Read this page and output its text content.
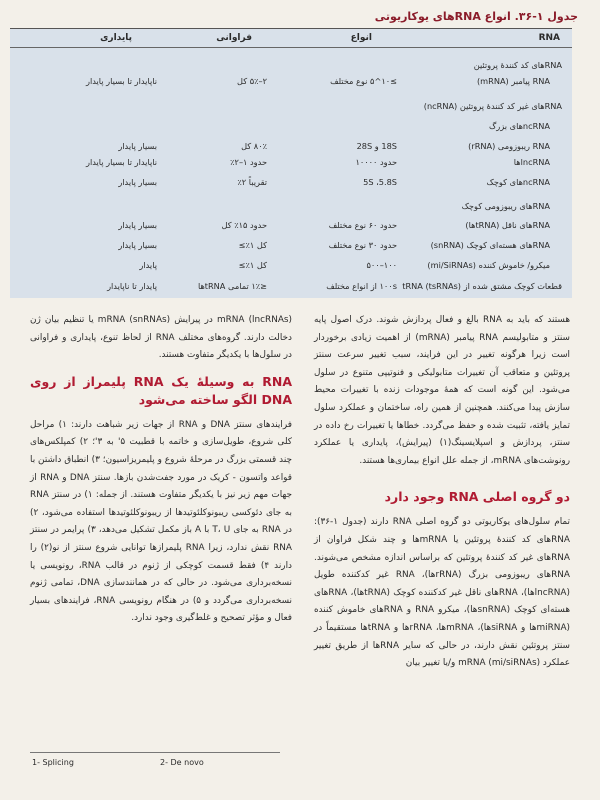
جدول ۱-۳۶. انواع RNAهای یوکاریوتی
RNA
انواع
فراوانی
پایداری
RNAهای کد کنندهٔ پروتئین
RNA پیامبر (mRNA)
≥۱۰^۵ نوع مختلف
۲–۵٪ کل
ناپایدار تا بسیار پایدار
RNAهای غیر کد کنندهٔ پروتئین (ncRNA)
ncRNAهای بزرگ
RNA ریبوزومی (rRNA)
18S و 28S
۸۰٪ کل
بسیار پایدار
lncRNAها
حدود ۱۰۰۰۰
حدود ۱–۲٪
ناپایدار تا بسیار پایدار
ncRNAهای کوچک
5S ،5.8S
تقریباً ۲٪
بسیار پایدار
RNAهای ریبوزومی کوچک
RNAهای ناقل (tRNAها)
حدود ۶۰ نوع مختلف
حدود ۱۵٪ کل
بسیار پایدار
RNAهای هسته‌ای کوچک (snRNA)
حدود ۳۰ نوع مختلف
کل ۱٪≥
بسیار پایدار
میکرو/ خاموش کننده (mi/SiRNAs)
۱۰۰–۵۰۰
کل ۱٪≥
پایدار
قطعات کوچک مشتق شده از tRNA (tsRNAs)
۱۰۰s از انواع مختلف
≤۱٪ تمامی tRNAها
پایدار تا ناپایدار

هستند که باید به RNA بالغ و فعال پردازش شوند. درک اصول پایه سنتز و متابولیسم RNA پیامبر (mRNA) از اهمیت زیادی برخوردار است زیرا هرگونه تغییر در این فرایند، سبب تغییر سرعت سنتز پروتئین و متعاقب آن تغییرات متابولیکی و فنوتیپی متنوع در سلول می‌شود. این گونه است که همهٔ موجودات زنده با تغییرات محیط سازش پیدا می‌کنند. همچنین از همین راه، ساختمان و عملکرد سلول تمایز یافته، تثبیت شده و حفظ می‌گردد. خطاها یا تغییرات رخ داده در سنتز، پردازش و اسپلایسینگ(۱) (پیرایش)، پایداری یا عملکرد رونوشت‌های mRNA، از جمله علل انواع بیماری‌ها هستند.

دو گروه اصلی RNA وجود دارد

تمام سلول‌های یوکاریوتی دو گروه اصلی RNA دارند (جدول ۱-۳۶): RNAهای کد کنندهٔ پروتئین یا mRNAها و چند شکل فراوان از RNAهای غیر کد کنندهٔ پروتئین که براساس اندازه مشخص می‌شوند. RNAهای ریبوزومی بزرگ (rRNAها)، RNA غیر کدکننده طویل (lncRNAها)، RNAهای ناقل غیر کدکننده کوچک (tRNAها)، RNAهای هسته‌ای کوچک (snRNAها)، میکرو RNA و RNAهای خاموش کننده (miRNAها و siRNAها)، mRNAها، rRNAها و tRNAها مستقیماً در سنتز پروتئین نقش دارند، در حالی که سایر RNAها از طریق تغییر عملکرد mRNA (mi/siRNAs) و/یا تغییر بیان

mRNA (lncRNAs) در پیرایش mRNA (snRNAs) یا تنظیم بیان ژن دخالت دارند. گروه‌های مختلف RNA از لحاظ تنوع، پایداری و فراوانی در سلول‌ها با یکدیگر متفاوت هستند.

RNA به وسیلهٔ یک RNA پلیمراز از روی DNA الگو ساخته می‌شود

فرایندهای سنتز DNA و RNA از جهات زیر شباهت دارند: ۱) مراحل کلی شروع، طویل‌سازی و خاتمه با قطبیت ۵' به ۳'؛ ۲) کمپلکس‌های چند قسمتی بزرگ در مرحلهٔ شروع و پلیمریزاسیون؛ ۳) انطباق داشتن با قواعد واتسون - کریک در مورد جفت‌شدن بازها. سنتز DNA و RNA از جهات مهم زیر نیز با یکدیگر متفاوت هستند. از جمله: ۱) در سنتز RNA به جای دئوکسی ریبونوکلئوتیدها از ریبونوکلئوتیدها استفاده می‌شود، ۲) در RNA به جای T، U با A باز مکمل تشکیل می‌دهد، ۳) پرایمر در سنتز RNA نقش ندارد، زیرا RNA پلیمرازها توانایی شروع سنتز از نو(۲) را دارند ۴) فقط قسمت کوچکی از ژنوم در قالب RNA، رونویسی یا نسخه‌برداری می‌شود. در حالی که در همانندسازی DNA، تمامی ژنوم نسخه‌برداری می‌گردد و ۵) در هنگام رونویسی RNA، فرایندهای بسیار فعال و مؤثر تصحیح و غلط‌گیری وجود ندارد.

1- Splicing	2- De novo
